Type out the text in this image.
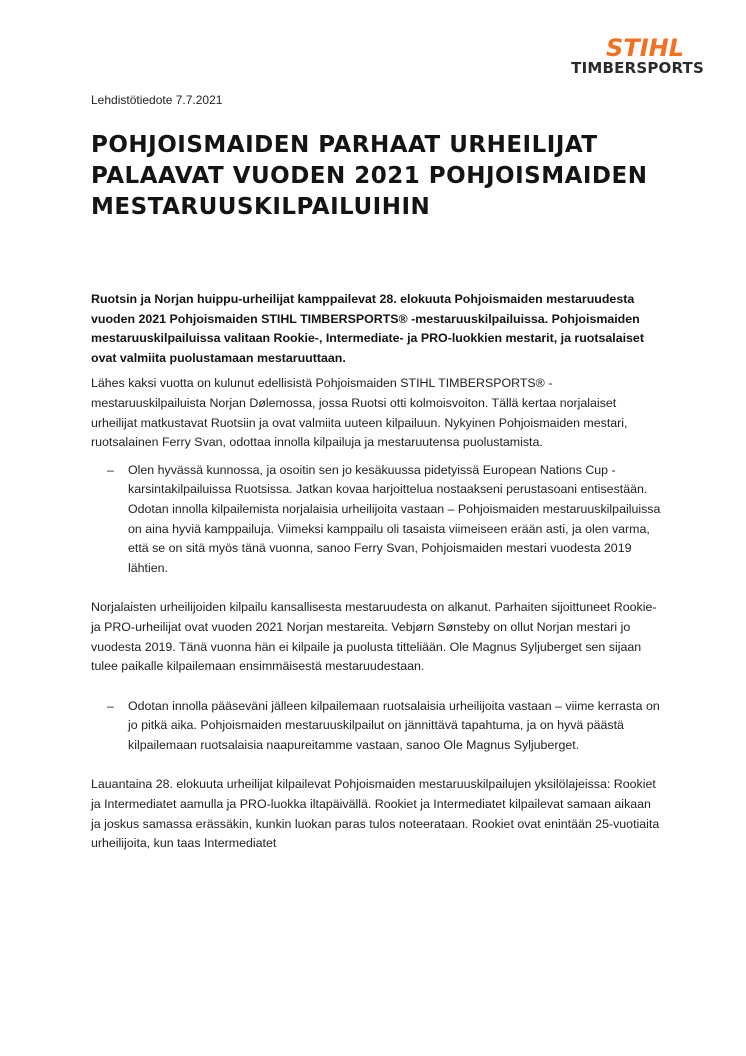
STIHL
TIMBERSPORTS
Lehdistötiedote 7.7.2021
POHJOISMAIDEN PARHAAT URHEILIJAT PALAAVAT VUODEN 2021 POHJOISMAIDEN MESTARUUSKILPAILUIHIN

Ruotsin ja Norjan huippu-urheilijat kamppailevat 28. elokuuta Pohjoismaiden mestaruudesta vuoden 2021 Pohjoismaiden STIHL TIMBERSPORTS® -mestaruuskilpailuissa. Pohjoismaiden mestaruuskilpailuissa valitaan Rookie-, Intermediate- ja PRO-luokkien mestarit, ja ruotsalaiset ovat valmiita puolustamaan mestaruuttaan.

Lähes kaksi vuotta on kulunut edellisistä Pohjoismaiden STIHL TIMBERSPORTS® -mestaruuskilpailuista Norjan Dølemossa, jossa Ruotsi otti kolmoisvoiton. Tällä kertaa norjalaiset urheilijat matkustavat Ruotsiin ja ovat valmiita uuteen kilpailuun. Nykyinen Pohjoismaiden mestari, ruotsalainen Ferry Svan, odottaa innolla kilpailuja ja mestaruutensa puolustamista.

– Olen hyvässä kunnossa, ja osoitin sen jo kesäkuussa pidetyissä European Nations Cup -karsintakilpailuissa Ruotsissa. Jatkan kovaa harjoittelua nostaakseni perustasoani entisestään. Odotan innolla kilpailemista norjalaisia urheilijoita vastaan – Pohjoismaiden mestaruuskilpailuissa on aina hyviä kamppailuja. Viimeksi kamppailu oli tasaista viimeiseen erään asti, ja olen varma, että se on sitä myös tänä vuonna, sanoo Ferry Svan, Pohjoismaiden mestari vuodesta 2019 lähtien.

Norjalaisten urheilijoiden kilpailu kansallisesta mestaruudesta on alkanut. Parhaiten sijoittuneet Rookie- ja PRO-urheilijat ovat vuoden 2021 Norjan mestareita. Vebjørn Sønsteby on ollut Norjan mestari jo vuodesta 2019. Tänä vuonna hän ei kilpaile ja puolusta titteliään. Ole Magnus Syljuberget sen sijaan tulee paikalle kilpailemaan ensimmäisestä mestaruudestaan.

– Odotan innolla pääseväni jälleen kilpailemaan ruotsalaisia urheilijoita vastaan – viime kerrasta on jo pitkä aika. Pohjoismaiden mestaruuskilpailut on jännittävä tapahtuma, ja on hyvä päästä kilpailemaan ruotsalaisia naapureitamme vastaan, sanoo Ole Magnus Syljuberget.

Lauantaina 28. elokuuta urheilijat kilpailevat Pohjoismaiden mestaruuskilpailujen yksilölajeissa: Rookiet ja Intermediatet aamulla ja PRO-luokka iltapäivällä. Rookiet ja Intermediatet kilpailevat samaan aikaan ja joskus samassa erässäkin, kunkin luokan paras tulos noteerataan. Rookiet ovat enintään 25-vuotiaita urheilijoita, kun taas Intermediatet
